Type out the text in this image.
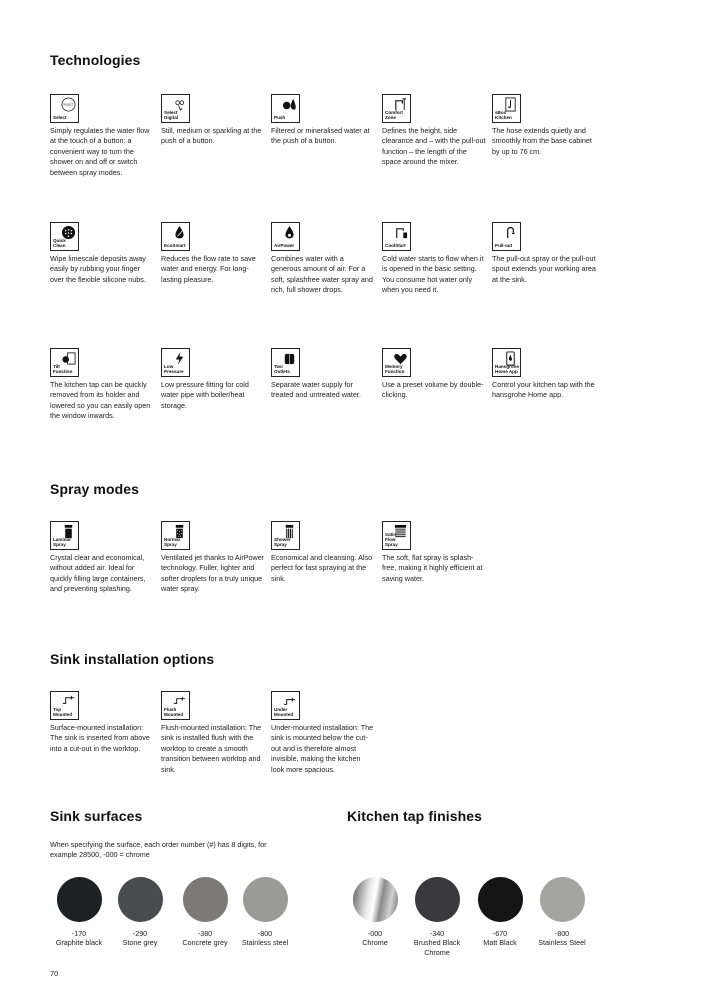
Technologies
SELECT
Select
Simply regulates the water flow at the touch of a button: a convenient way to turn the shower on and off or switch between spray modes.
Select
Digital
Still, medium or sparkling at the push of a button.
Push
Filtered or mineralised water at the push of a button.
Comfort
Zone
Defines the height, side clearance and – with the pull-out function – the length of the space around the mixer.
sBox
Kitchen
The hose extends quietly and smoothly from the base cabinet by up to 76 cm.
Quick
Clean
Wipe limescale deposits away easily by rubbing your finger over the flexible silicone nubs.
EcoSmart
Reduces the flow rate to save water and energy. For long-lasting pleasure.
AirPower
Combines water with a generous amount of air. For a soft, splashfree water spray and rich, full shower drops.
CoolStart
Cold water starts to flow when it is opened in the basic setting. You consume hot water only when you need it.
Pull-out
The pull-out spray or the pull-out spout extends your working area at the sink.
Tilt
Function
The kitchen tap can be quickly removed from its holder and lowered so you can easily open the window inwards.
Low
Pressure
Low pressure fitting for cold water pipe with boiler/heat storage.
Two
Outlets
Separate water supply for treated and untreated water.
Memory
Function
Use a preset volume by double-clicking.
Hansgrohe
Home App
Control your kitchen tap with the hansgrohe Home app.
Spray modes
Laminar
Spray
Crystal clear and economical, without added air. Ideal for quickly filling large containers, and preventing splashing.
Normal
Spray
Ventilated jet thanks to AirPower technology. Fuller, lighter and softer droplets for a truly unique water spray.
Shower
Spray
Economical and cleansing. Also perfect for fast spraying at the sink.
Satin
Flow
Spray
The soft, flat spray is splash-free, making it highly efficient at saving water.
Sink installation options
Top
Mounted
Surface-mounted installation: The sink is inserted from above into a cut-out in the worktop.
Flush
Mounted
Flush-mounted installation: The sink is installed flush with the worktop to create a smooth transition between worktop and sink.
Under
Mounted
Under-mounted installation: The sink is mounted below the cut-out and is therefore almost invisible, making the kitchen look more spacious.
Sink surfaces
When specifying the surface, each order number (#) has 8 digits, for example 28500, -000 = chrome
-170
Graphite black
-290
Stone grey
-380
Concrete grey
-800
Stainless steel
Kitchen tap finishes
-000
Chrome
-340
Brushed Black
Chrome
-670
Matt Black
-800
Stainless Steel
70
